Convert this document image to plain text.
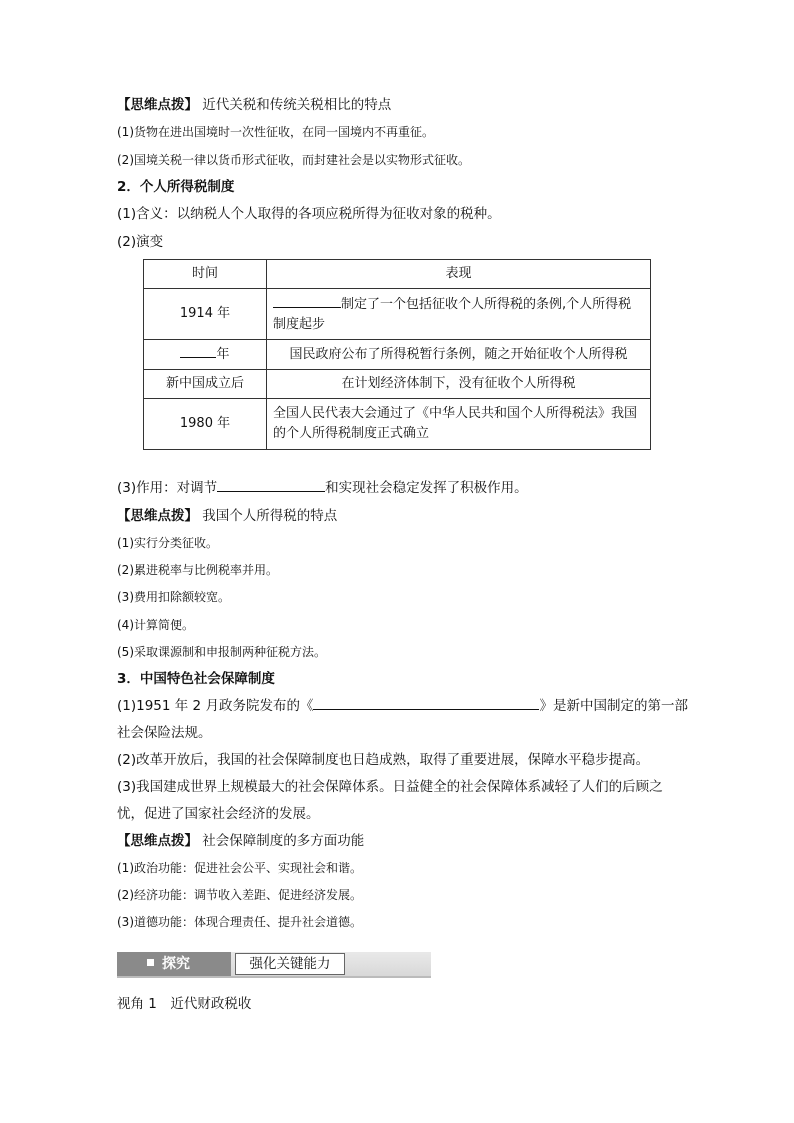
【思维点拨】 近代关税和传统关税相比的特点
(1)货物在进出国境时一次性征收，在同一国境内不再重征。
(2)国境关税一律以货币形式征收，而封建社会是以实物形式征收。
2．个人所得税制度
(1)含义：以纳税人个人取得的各项应税所得为征收对象的税种。
(2)演变
时间	表现
1914 年	制定了一个包括征收个人所得税的条例,个人所得税制度起步
年	国民政府公布了所得税暂行条例，随之开始征收个人所得税
新中国成立后	在计划经济体制下，没有征收个人所得税
1980 年	全国人民代表大会通过了《中华人民共和国个人所得税法》我国的个人所得税制度正式确立
(3)作用：对调节	和实现社会稳定发挥了积极作用。
【思维点拨】 我国个人所得税的特点
(1)实行分类征收。
(2)累进税率与比例税率并用。
(3)费用扣除额较宽。
(4)计算简便。
(5)采取课源制和申报制两种征税方法。
3．中国特色社会保障制度
(1)1951 年 2 月政务院发布的《	》是新中国制定的第一部
社会保险法规。
(2)改革开放后，我国的社会保障制度也日趋成熟，取得了重要进展，保障水平稳步提高。
(3)我国建成世界上规模最大的社会保障体系。日益健全的社会保障体系减轻了人们的后顾之
忧，促进了国家社会经济的发展。
【思维点拨】 社会保障制度的多方面功能
(1)政治功能：促进社会公平、实现社会和谐。
(2)经济功能：调节收入差距、促进经济发展。
(3)道德功能：体现合理责任、提升社会道德。
探究	强化关键能力
视角 1　近代财政税收
